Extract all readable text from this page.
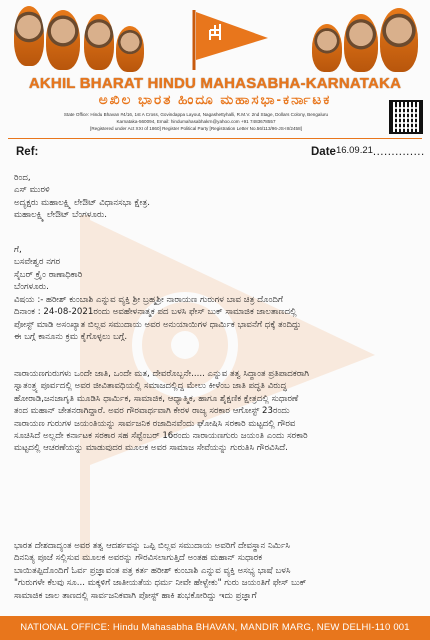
AKHIL BHARAT HINDU MAHASABHA-KARNATAKA
ಅಖಿಲ ಭಾರತ ಹಿಂದೂ ಮಹಾಸಭಾ-ಕರ್ನಾಟಕ
State Office: Hindu Bhavan #4/16, 1st A Cross, Govindappa Layout, Nagashettyhalli, R.M.V. 2nd Stage, Dollars Colony, Bengaluru
Karnataka-560094, Email: hindumahasabhakrn@yahoo.com +91 7483678557
[Registered under Act XXI of 1860] Register Political Party [Registration Letter No.56/113/96-JS-III/2458]
Ref:	Date16.09.21..............

ರಿಂದ,

ಎಸ್ ಮುರಳಿ

ಅದ್ಯಕ್ಷರು ಮಹಾಲಕ್ಷ್ಮಿ ಲೇಔಟ್ ವಿಧಾನಸಭಾ ಕ್ಷೇತ್ರ.

ಮಹಾಲಕ್ಷ್ಮಿ ಲೇಔಟ್ ಬೆಂಗಳೂರು.

ಗೆ,

ಬಸವೇಶ್ವರ ನಗರ

ಸೈಬ‌ರ್ ಕ್ರೈಂ ಠಾಣಾಧಿಕಾರಿ

ಬೆಂಗಳೂರು.

ವಿಷಯ :- ಹರೀಶ್ ಕುಂಬಾಶಿ ಎನ್ನುವ ವ್ಯಕ್ತಿ ಶ್ರೀ ಬ್ರಹ್ಮಶ್ರೀ ನಾರಾಯಣ ಗುರುಗಳ ಬಾವ ಚಿತ್ರ ದೊಂದಿಗೆ

ದಿನಾಂಕ : 24-08-2021ರಂದು ಅವಹೇಳನಾತ್ಮಕ ಪದ ಬಳಸಿ ಫೇಸ್ ಬುಕ್ ಸಾಮಾಜಿಕ ಜಾಲತಾಣದಲ್ಲಿ

ಪೋಸ್ಟ್ ಮಾಡಿ ಅಸಂಖ್ಯಾತ ಬಿಲ್ಲವ ಸಮುದಾಯ ಅವರ ಅನುಯಾಯಿಗಳ ಧಾರ್ಮಿಕ ಭಾವನೆಗೆ ಧಕ್ಕೆ ತಂದಿದ್ದು

ಈ ಬಗ್ಗೆ ಕಾನೂನು ಕ್ರಮ ಕೈಗೊಳ್ಳಲು ಬಗ್ಗೆ.

ನಾರಾಯಣಗುರುಗಳು ಒಂದೇ ಜಾತಿ, ಒಂದೇ ಮತ, ದೇವರೊಬ್ಬನೇ..... ಎನ್ನುವ ತತ್ವ ಸಿದ್ಧಾಂತ ಪ್ರತಿಪಾದಕರಾಗಿ

ಸ್ವಾತಂತ್ರ್ಯ ಪೂರ್ವದಲ್ಲಿ ಅವರ ಜೀವಿತಾವಧಿಯಲ್ಲಿ ಸಮಾಜದಲ್ಲಿದ್ದ ಮೇಲು ಕೀಳೆಂಬ ಜಾತಿ ಪದ್ಧತಿ ವಿರುದ್ಧ

ಹೋರಾಡಿ,ಜನಜಾಗೃತಿ ಮೂಡಿಸಿ ಧಾರ್ಮಿಕ, ಸಾಮಾಜಿಕ, ಆಧ್ಯಾತ್ಮಿಕ, ಹಾಗೂ ಶೈಕ್ಷಣಿಕ ಕ್ಷೇತ್ರದಲ್ಲಿ ಸುಧಾರಣೆ

ತಂದ ಮಹಾನ್ ಚೇತನರಾಗಿದ್ದಾರೆ. ಅವರ ಗೌರವಾರ್ಥವಾಗಿ ಕೇರಳ ರಾಜ್ಯ ಸರಕಾರ ಆಗೋಸ್ಟ್ 23ರಂದು

ನಾರಾಯಣ ಗುರುಗಳ ಜಯಂತಿಯನ್ನು ಸಾರ್ವಜನಿಕ ರಜಾದಿನವೆಂದು ಘೋಷಿಸಿ ಸರಕಾರಿ ಮಟ್ಟದಲ್ಲಿ ಗೌರವ

ಸೂಚಿಸಿದೆ ಅಲ್ಲದೇ ಕರ್ನಾಟಕ ಸರಕಾರ ಸಹ ಸೆಪ್ಟೆಂಬರ್ 16ರಂದು ನಾರಾಯಣಗುರು ಜಯಂತಿ ಎಂದು ಸರಕಾರಿ

ಮಟ್ಟದಲ್ಲಿ ಆಚರಣೆಯನ್ನು ಮಾಡುವುದರ ಮೂಲಕ ಅವರ ಸಾಮಾಜ ಸೇವೆಯನ್ನು ಗುರುತಿಸಿ ಗೌರವಿಸಿದೆ.

ಭಾರತ ದೇಶದಾದ್ಯಂತ ಅವರ ತತ್ವ ಆದರ್ಶವನ್ನು ಒಪ್ಪಿ ಬಿಲ್ಲವ ಸಮುದಾಯ ಅವರಿಗೆ ದೇವಸ್ಥಾನ ನಿರ್ಮಿಸಿ

ದಿನನಿತ್ಯ ಪೂಜೆ ಸಲ್ಲಿಸುವ ಮೂಲಕ ಅವರನ್ನು ಗೌರವಿಸಲಾಗುತ್ತಿದೆ ಅಂತಹ ಮಹಾನ್ ಸುಧಾರಕ

ಬಾಯಿತಪ್ಪಿದೊಂದಿಗೆ ಓರ್ವ ಪ್ರಜ್ಞಾವಂತ ಪತ್ರ ಕರ್ತ ಹರೀಶ್ ಕುಂಬಾಶಿ ಎನ್ನುವ ವ್ಯಕ್ತಿ ಅಸಭ್ಯ ಭಾಷೆ ಬಳಸಿ

"ಗುರುಗಳೇ ಕೆಲವು ಸೂ... ಮಕ್ಕಳಿಗೆ ಜಾತೀಯತೆಯ ಧರ್ಮ ನೀವೇ ಹೇಳ್ಬೇಕು" ಗುರು ಜಯಂತಿಗೆ ಫೇಸ್ ಬುಕ್

ಸಾಮಾಜಿಕ ಜಾಲ ತಾಣದಲ್ಲಿ ಸಾರ್ವಜನಿಕವಾಗಿ ಪೋಸ್ಟ್ ಹಾಕಿ ಶುಭಕೋರಿದ್ದು ಇದು ಪ್ರಜ್ಞಾಗೆ

NATIONAL OFFICE: Hindu Mahasabha BHAVAN, MANDIR MARG, NEW DELHI-110 001
